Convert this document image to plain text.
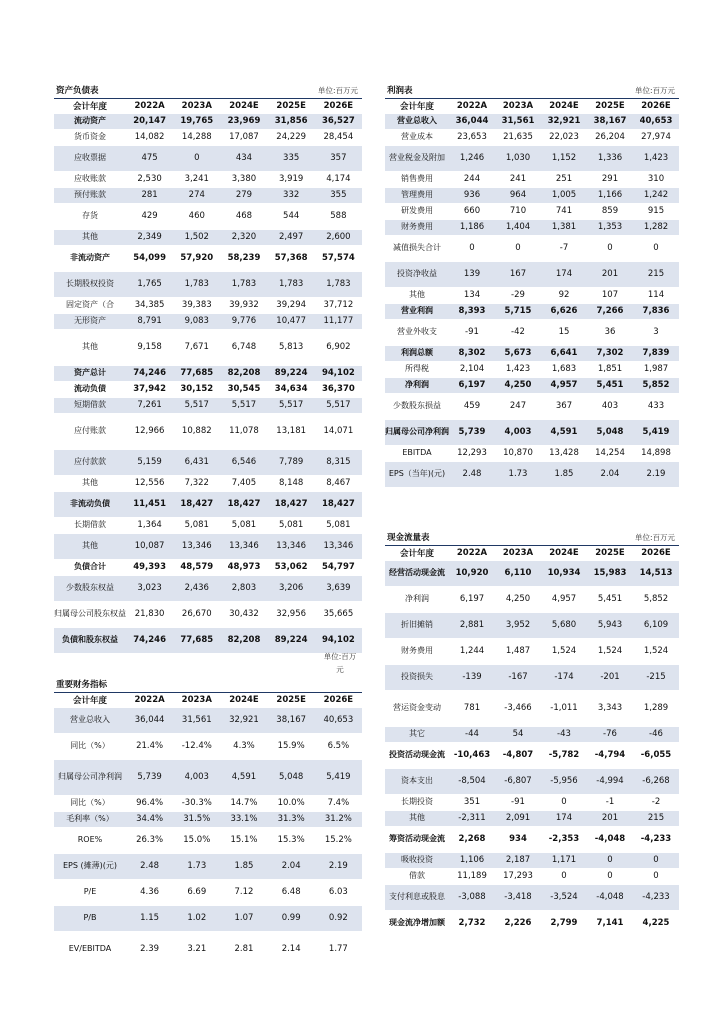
资产负债表	单位:百万元
会计年度	2022A	2023A	2024E	2025E	2026E
流动资产	20,147	19,765	23,969	31,856	36,527
货币资金	14,082	14,288	17,087	24,229	28,454
应收票据	475	0	434	335	357
应收账款	2,530	3,241	3,380	3,919	4,174
预付账款	281	274	279	332	355
存货	429	460	468	544	588
其他	2,349	1,502	2,320	2,497	2,600
非流动资产	54,099	57,920	58,239	57,368	57,574
长期股权投资	1,765	1,783	1,783	1,783	1,783
固定资产（合	34,385	39,383	39,932	39,294	37,712
无形资产	8,791	9,083	9,776	10,477	11,177
其他	9,158	7,671	6,748	5,813	6,902
资产总计	74,246	77,685	82,208	89,224	94,102
流动负债	37,942	30,152	30,545	34,634	36,370
短期借款	7,261	5,517	5,517	5,517	5,517
应付账款	12,966	10,882	11,078	13,181	14,071
应付款款	5,159	6,431	6,546	7,789	8,315
其他	12,556	7,322	7,405	8,148	8,467
非流动负债	11,451	18,427	18,427	18,427	18,427
长期借款	1,364	5,081	5,081	5,081	5,081
其他	10,087	13,346	13,346	13,346	13,346
负债合计	49,393	48,579	48,973	53,062	54,797
少数股东权益	3,023	2,436	2,803	3,206	3,639
归属母公司股东权益	21,830	26,670	30,432	32,956	35,665
负债和股东权益	74,246	77,685	82,208	89,224	94,102
重要财务指标
单位:百万元
会计年度	2022A	2023A	2024E	2025E	2026E
营业总收入	36,044	31,561	32,921	38,167	40,653
同比（%）	21.4%	-12.4%	4.3%	15.9%	6.5%
归属母公司净利润	5,739	4,003	4,591	5,048	5,419
同比（%）	96.4%	-30.3%	14.7%	10.0%	7.4%
毛利率（%）	34.4%	31.5%	33.1%	31.3%	31.2%
ROE%	26.3%	15.0%	15.1%	15.3%	15.2%
EPS (摊薄)(元)	2.48	1.73	1.85	2.04	2.19
P/E	4.36	6.69	7.12	6.48	6.03
P/B	1.15	1.02	1.07	0.99	0.92
EV/EBITDA	2.39	3.21	2.81	2.14	1.77
利润表	单位:百万元
会计年度	2022A	2023A	2024E	2025E	2026E
营业总收入	36,044	31,561	32,921	38,167	40,653
营业成本	23,653	21,635	22,023	26,204	27,974
营业税金及附加	1,246	1,030	1,152	1,336	1,423
销售费用	244	241	251	291	310
管理费用	936	964	1,005	1,166	1,242
研发费用	660	710	741	859	915
财务费用	1,186	1,404	1,381	1,353	1,282
减值损失合计	0	0	-7	0	0
投资净收益	139	167	174	201	215
其他	134	-29	92	107	114
营业利润	8,393	5,715	6,626	7,266	7,836
营业外收支	-91	-42	15	36	3
利润总额	8,302	5,673	6,641	7,302	7,839
所得税	2,104	1,423	1,683	1,851	1,987
净利润	6,197	4,250	4,957	5,451	5,852
少数股东损益	459	247	367	403	433
归属母公司净利润	5,739	4,003	4,591	5,048	5,419
EBITDA	12,293	10,870	13,428	14,254	14,898
EPS（当年)(元)	2.48	1.73	1.85	2.04	2.19
现金流量表	单位:百万元
会计年度	2022A	2023A	2024E	2025E	2026E
经营活动现金流	10,920	6,110	10,934	15,983	14,513
净利润	6,197	4,250	4,957	5,451	5,852
折旧摊销	2,881	3,952	5,680	5,943	6,109
财务费用	1,244	1,487	1,524	1,524	1,524
投资损失	-139	-167	-174	-201	-215
营运资金变动	781	-3,466	-1,011	3,343	1,289
其它	-44	54	-43	-76	-46
投资活动现金流	-10,463	-4,807	-5,782	-4,794	-6,055
资本支出	-8,504	-6,807	-5,956	-4,994	-6,268
长期投资	351	-91	0	-1	-2
其他	-2,311	2,091	174	201	215
筹资活动现金流	2,268	934	-2,353	-4,048	-4,233
吸收投资	1,106	2,187	1,171	0	0
借款	11,189	17,293	0	0	0
支付利息或股息	-3,088	-3,418	-3,524	-4,048	-4,233
现金流净增加额	2,732	2,226	2,799	7,141	4,225
